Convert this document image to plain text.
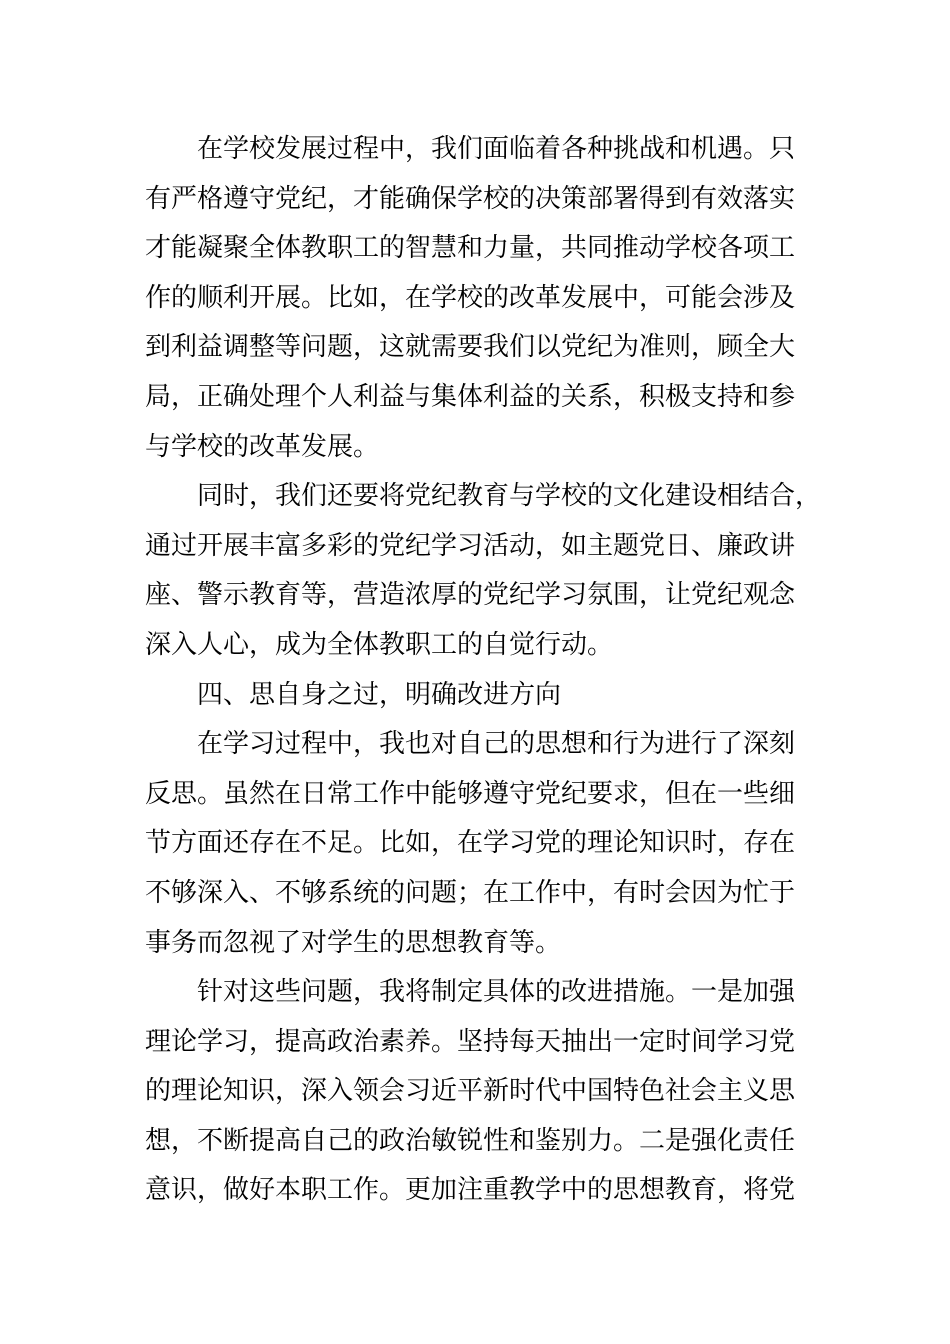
在学校发展过程中，我们面临着各种挑战和机遇。只
有严格遵守党纪，才能确保学校的决策部署得到有效落实
才能凝聚全体教职工的智慧和力量，共同推动学校各项工
作的顺利开展。比如，在学校的改革发展中，可能会涉及
到利益调整等问题，这就需要我们以党纪为准则，顾全大
局，正确处理个人利益与集体利益的关系，积极支持和参
与学校的改革发展。
同时，我们还要将党纪教育与学校的文化建设相结合，
通过开展丰富多彩的党纪学习活动，如主题党日、廉政讲
座、警示教育等，营造浓厚的党纪学习氛围，让党纪观念
深入人心，成为全体教职工的自觉行动。
四、思自身之过，明确改进方向
在学习过程中，我也对自己的思想和行为进行了深刻
反思。虽然在日常工作中能够遵守党纪要求，但在一些细
节方面还存在不足。比如，在学习党的理论知识时，存在
不够深入、不够系统的问题；在工作中，有时会因为忙于
事务而忽视了对学生的思想教育等。
针对这些问题，我将制定具体的改进措施。一是加强
理论学习，提高政治素养。坚持每天抽出一定时间学习党
的理论知识，深入领会习近平新时代中国特色社会主义思
想，不断提高自己的政治敏锐性和鉴别力。二是强化责任
意识，做好本职工作。更加注重教学中的思想教育，将党
